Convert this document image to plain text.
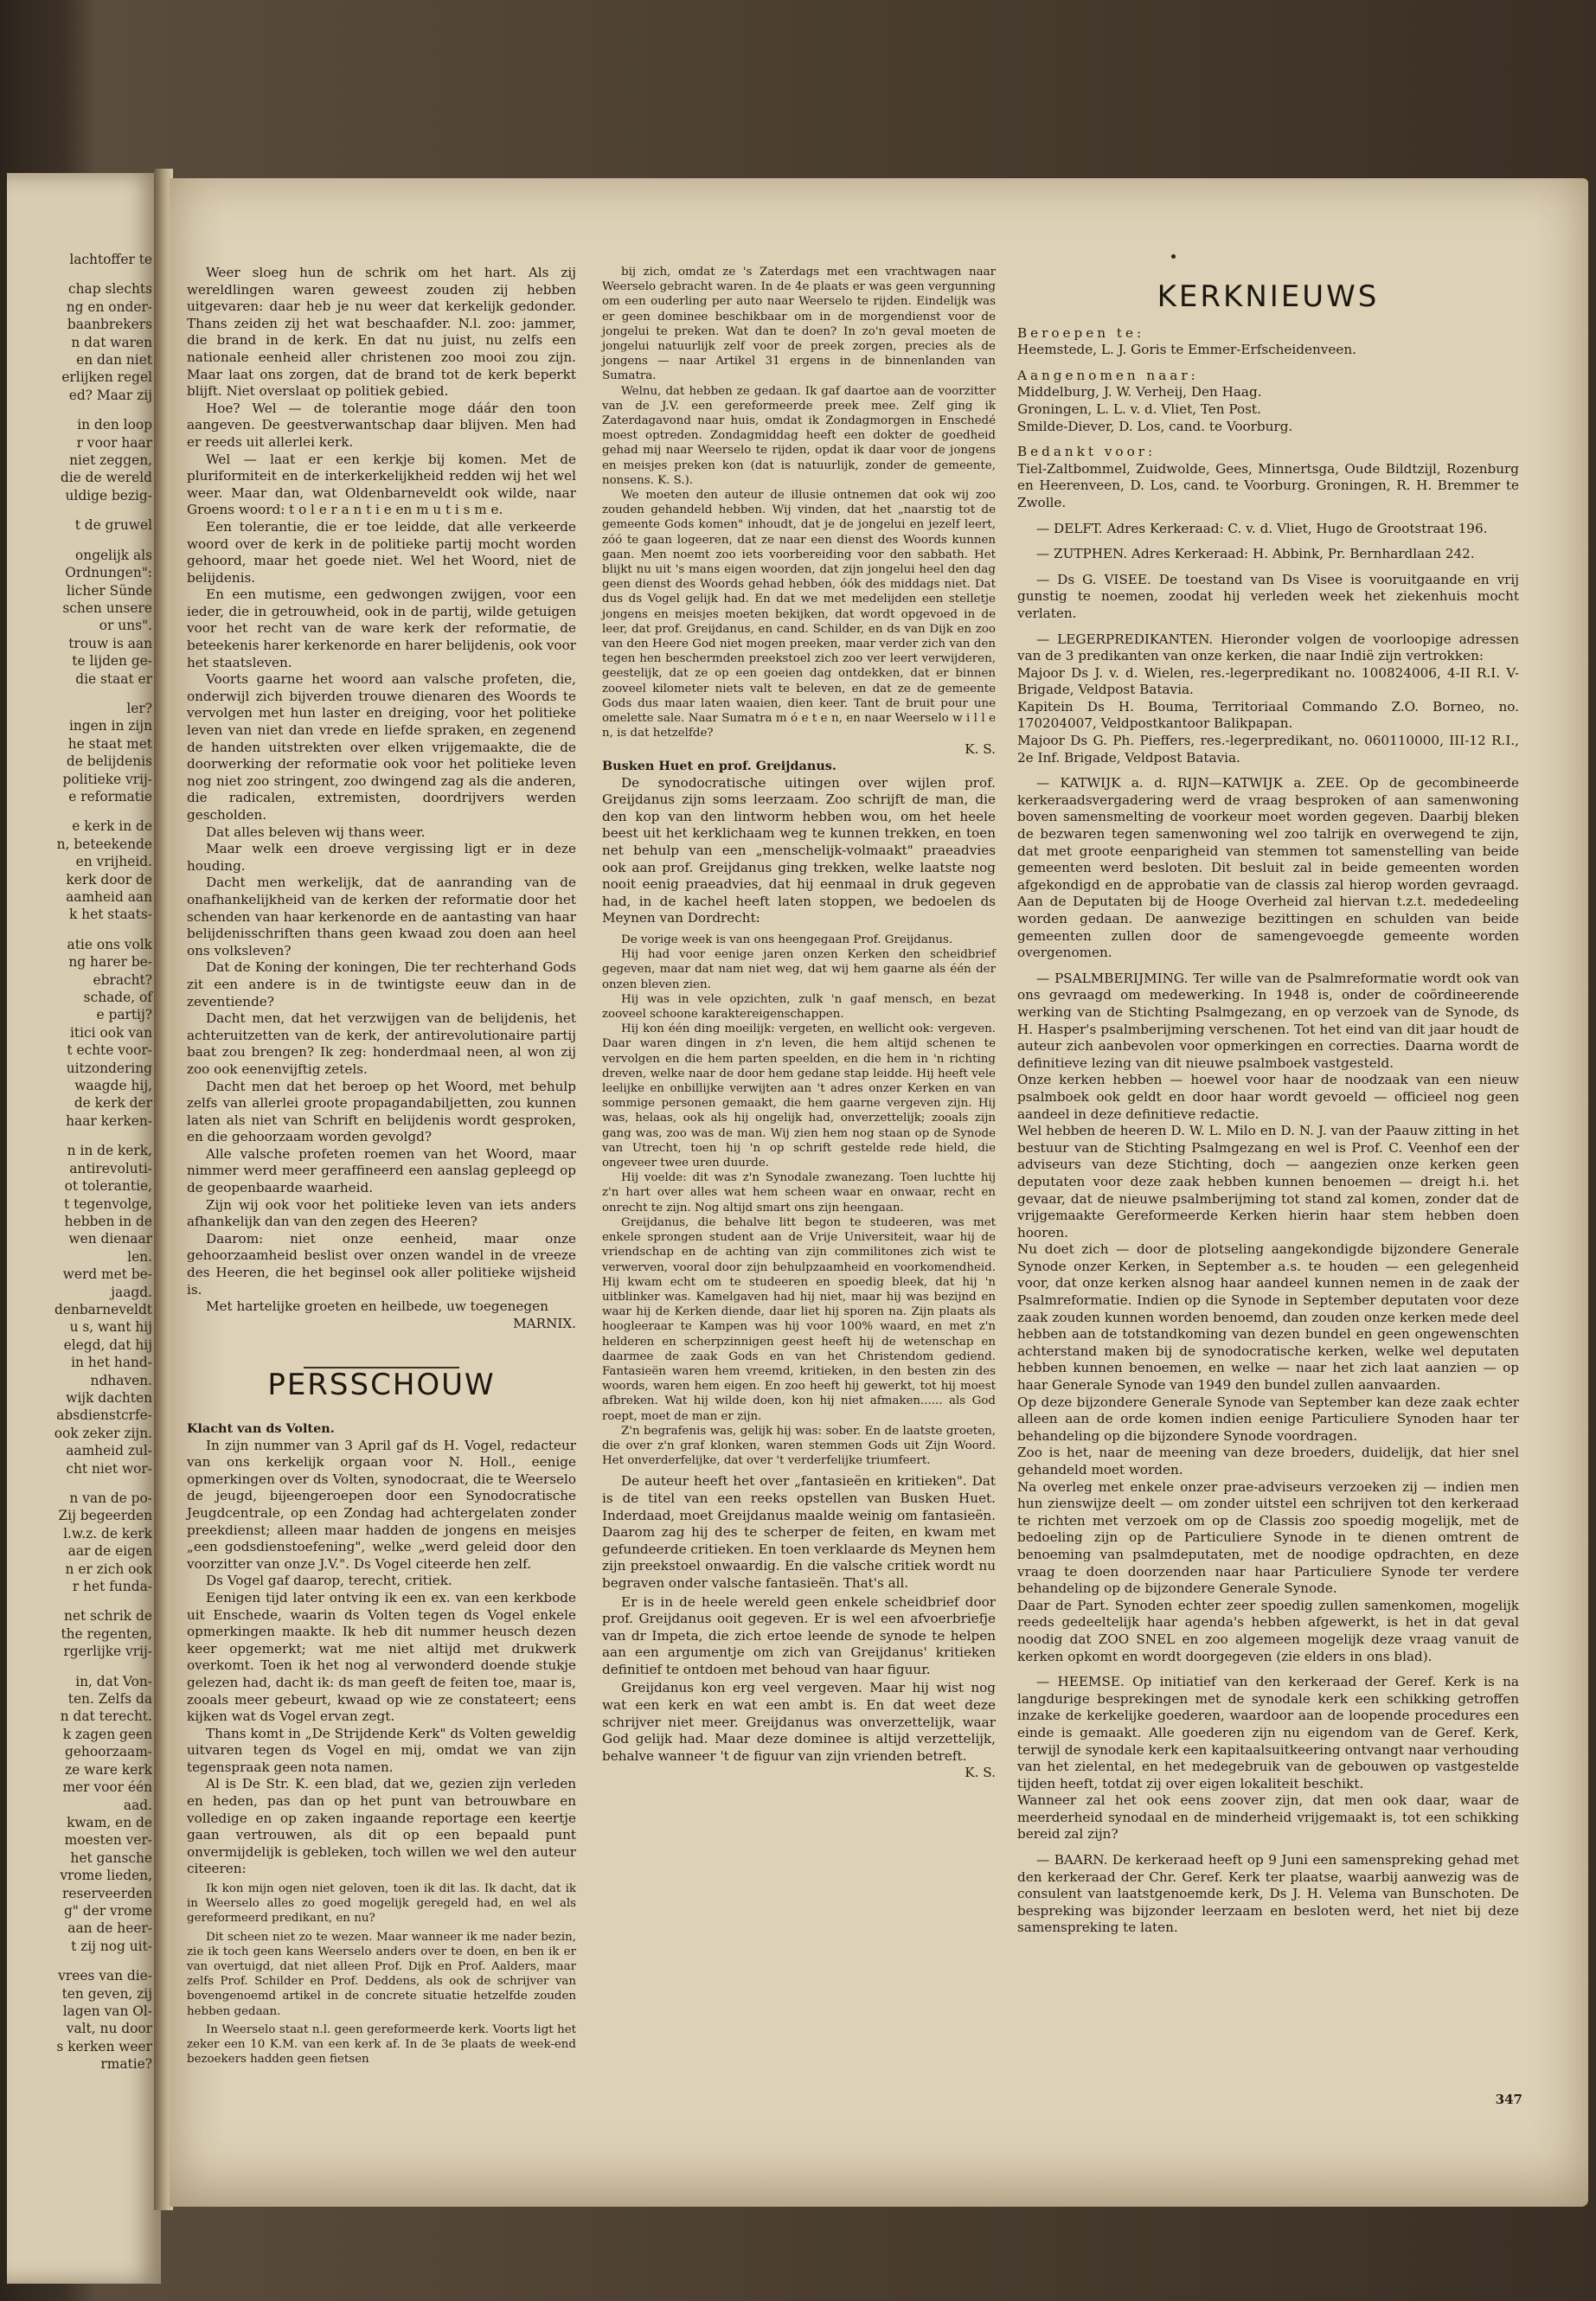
lachtoffer te
chap slechts
ng en onder-
baanbrekers
n dat waren
en dan niet
erlijken regel
ed? Maar zij
in den loop
r voor haar
niet zeggen,
die de wereld
uldige bezig-
t de gruwel
ongelijk als
Ordnungen":
licher Sünde
schen unsere
or uns".
trouw is aan
te lijden ge-
die staat er
ler?
ingen in zijn
he staat met
de belijdenis
politieke vrij-
e reformatie
e kerk in de
n, beteekende
en vrijheid.
kerk door de
aamheid aan
k het staats-
atie ons volk
ng harer be-
ebracht?
schade, of
e partij?
itici ook van
t echte voor-
uitzondering
waagde hij,
de kerk der
haar kerken-
n in de kerk,
antirevoluti-
ot tolerantie,
t tegenvolge,
hebben in de
wen dienaar
len.
werd met be-
jaagd.
denbarneveldt
u s, want hij
elegd, dat hij
in het hand-
ndhaven.
wijk dachten
absdienstcrfe-
ook zeker zijn.
aamheid zul-
cht niet wor-
n van de po-
Zij begeerden
l.w.z. de kerk
aar de eigen
n er zich ook
r het funda-
net schrik de
the regenten,
rgerlijke vrij-
in, dat Von-
ten. Zelfs da
n dat terecht.
k zagen geen
gehoorzaam-
ze ware kerk
mer voor één
aad.
kwam, en de
moesten ver-
het gansche
vrome lieden,
reserveerden
g" der vrome
aan de heer-
t zij nog uit-
vrees van die-
ten geven, zij
lagen van Ol-
valt, nu door
s kerken weer
rmatie?

Weer sloeg hun de schrik om het hart. Als zij wereldlingen waren geweest zouden zij hebben uitgevaren: daar heb je nu weer dat kerkelijk gedonder. Thans zeiden zij het wat beschaafder. N.l. zoo: jammer, die brand in de kerk. En dat nu juist, nu zelfs een nationale eenheid aller christenen zoo mooi zou zijn. Maar laat ons zorgen, dat de brand tot de kerk beperkt blijft. Niet overslaat op politiek gebied.

Hoe? Wel — de tolerantie moge dáár den toon aangeven. De geestverwantschap daar blijven. Men had er reeds uit allerlei kerk.

Wel — laat er een kerkje bij komen. Met de pluriformiteit en de interkerkelijkheid redden wij het wel weer. Maar dan, wat Oldenbarneveldt ook wilde, naar Groens woord: t o l e r a n t i e en m u t i s m e.

Een tolerantie, die er toe leidde, dat alle verkeerde woord over de kerk in de politieke partij mocht worden gehoord, maar het goede niet. Wel het Woord, niet de belijdenis.

En een mutisme, een gedwongen zwijgen, voor een ieder, die in getrouwheid, ook in de partij, wilde getuigen voor het recht van de ware kerk der reformatie, de beteekenis harer kerkenorde en harer belijdenis, ook voor het staatsleven.

Voorts gaarne het woord aan valsche profeten, die, onderwijl zich bijverden trouwe dienaren des Woords te vervolgen met hun laster en dreiging, voor het politieke leven van niet dan vrede en liefde spraken, en zegenend de handen uitstrekten over elken vrijgemaakte, die de doorwerking der reformatie ook voor het politieke leven nog niet zoo stringent, zoo dwingend zag als die anderen, die radicalen, extremisten, doordrijvers werden gescholden.

Dat alles beleven wij thans weer.

Maar welk een droeve vergissing ligt er in deze houding.

Dacht men werkelijk, dat de aanranding van de onafhankelijkheid van de kerken der reformatie door het schenden van haar kerkenorde en de aantasting van haar belijdenisschriften thans geen kwaad zou doen aan heel ons volksleven?

Dat de Koning der koningen, Die ter rechterhand Gods zit een andere is in de twintigste eeuw dan in de zeventiende?

Dacht men, dat het verzwijgen van de belijdenis, het achteruitzetten van de kerk, der antirevolutionaire partij baat zou brengen? Ik zeg: honderdmaal neen, al won zij zoo ook eenenvijftig zetels.

Dacht men dat het beroep op het Woord, met behulp zelfs van allerlei groote propagandabiljetten, zou kunnen laten als niet van Schrift en belijdenis wordt gesproken, en die gehoorzaam worden gevolgd?

Alle valsche profeten roemen van het Woord, maar nimmer werd meer gerafﬁneerd een aanslag gepleegd op de geopenbaarde waarheid.

Zijn wij ook voor het politieke leven van iets anders afhankelijk dan van den zegen des Heeren?

Daarom: niet onze eenheid, maar onze gehoorzaamheid beslist over onzen wandel in de vreeze des Heeren, die het beginsel ook aller politieke wijsheid is.

Met hartelijke groeten en heilbede, uw toegenegen

MARNIX.

PERSSCHOUW

Klacht van ds Volten.

In zijn nummer van 3 April gaf ds H. Vogel, redacteur van ons kerkelijk orgaan voor N. Holl., eenige opmerkingen over ds Volten, synodocraat, die te Weerselo de jeugd, bijeengeroepen door een Synodocratische Jeugdcentrale, op een Zondag had achtergelaten zonder preekdienst; alleen maar hadden de jongens en meisjes „een godsdienstoefening", welke „werd geleid door den voorzitter van onze J.V.". Ds Vogel citeerde hen zelf.

Ds Vogel gaf daarop, terecht, critiek.

Eenigen tijd later ontving ik een ex. van een kerkbode uit Enschede, waarin ds Volten tegen ds Vogel enkele opmerkingen maakte. Ik heb dit nummer heusch dezen keer opgemerkt; wat me niet altijd met drukwerk overkomt. Toen ik het nog al verwonderd doende stukje gelezen had, dacht ik: ds man geeft de feiten toe, maar is, zooals meer gebeurt, kwaad op wie ze constateert; eens kijken wat ds Vogel ervan zegt.

Thans komt in „De Strijdende Kerk" ds Volten geweldig uitvaren tegen ds Vogel en mij, omdat we van zijn tegenspraak geen nota namen.

Al is De Str. K. een blad, dat we, gezien zijn verleden en heden, pas dan op het punt van betrouwbare en volledige en op zaken ingaande reportage een keertje gaan vertrouwen, als dit op een bepaald punt onvermijdelijk is gebleken, toch willen we wel den auteur citeeren:

Ik kon mijn ogen niet geloven, toen ik dit las. Ik dacht, dat ik in Weerselo alles zo goed mogelijk geregeld had, en wel als gereformeerd predikant, en nu?

Dit scheen niet zo te wezen. Maar wanneer ik me nader bezin, zie ik toch geen kans Weerselo anders over te doen, en ben ik er van overtuigd, dat niet alleen Prof. Dijk en Prof. Aalders, maar zelfs Prof. Schilder en Prof. Deddens, als ook de schrijver van bovengenoemd artikel in de concrete situatie hetzelfde zouden hebben gedaan.

In Weerselo staat n.l. geen gereformeerde kerk. Voorts ligt het zeker een 10 K.M. van een kerk af. In de 3e plaats de week-end bezoekers hadden geen fietsen

bij zich, omdat ze 's Zaterdags met een vrachtwagen naar Weerselo gebracht waren. In de 4e plaats er was geen vergunning om een ouderling per auto naar Weerselo te rijden. Eindelijk was er geen dominee beschikbaar om in de morgendienst voor de jongelui te preken. Wat dan te doen? In zo'n geval moeten de jongelui natuurlijk zelf voor de preek zorgen, precies als de jongens — naar Artikel 31 ergens in de binnenlanden van Sumatra.

Welnu, dat hebben ze gedaan. Ik gaf daartoe aan de voorzitter van de J.V. een gereformeerde preek mee. Zelf ging ik Zaterdagavond naar huis, omdat ik Zondagmorgen in Enschedé moest optreden. Zondagmiddag heeft een dokter de goedheid gehad mij naar Weerselo te rijden, opdat ik daar voor de jongens en meisjes preken kon (dat is natuurlijk, zonder de gemeente, nonsens. K. S.).

We moeten den auteur de illusie ontnemen dat ook wij zoo zouden gehandeld hebben. Wij vinden, dat het „naarstig tot de gemeente Gods komen" inhoudt, dat je de jongelui en jezelf leert, zóó te gaan logeeren, dat ze naar een dienst des Woords kunnen gaan. Men noemt zoo iets voorbereiding voor den sabbath. Het blijkt nu uit 's mans eigen woorden, dat zijn jongelui heel den dag geen dienst des Woords gehad hebben, óók des middags niet. Dat dus ds Vogel gelijk had. En dat we met medelijden een stelletje jongens en meisjes moeten bekijken, dat wordt opgevoed in de leer, dat prof. Greijdanus, en cand. Schilder, en ds van Dijk en zoo van den Heere God niet mogen preeken, maar verder zich van den tegen hen beschermden preekstoel zich zoo ver leert verwijderen, geestelijk, dat ze op een goeien dag ontdekken, dat er binnen zooveel kilometer niets valt te beleven, en dat ze de gemeente Gods dus maar laten waaien, dien keer. Tant de bruit pour une omelette sale. Naar Sumatra m ó e t e n, en naar Weerselo w i l l e n, is dat hetzelfde?

K. S.

Busken Huet en prof. Greijdanus.

De synodocratische uitingen over wijlen prof. Greijdanus zijn soms leerzaam. Zoo schrijft de man, die den kop van den lintworm hebben wou, om het heele beest uit het kerklichaam weg te kunnen trekken, en toen net behulp van een „menschelijk-volmaakt" praeadvies ook aan prof. Greijdanus ging trekken, welke laatste nog nooit eenig praeadvies, dat hij eenmaal in druk gegeven had, in de kachel heeft laten stoppen, we bedoelen ds Meynen van Dordrecht:

De vorige week is van ons heengegaan Prof. Greijdanus.

Hij had voor eenige jaren onzen Kerken den scheidbrief gegeven, maar dat nam niet weg, dat wij hem gaarne als één der onzen bleven zien.

Hij was in vele opzichten, zulk 'n gaaf mensch, en bezat zooveel schoone karaktereigenschappen.

Hij kon één ding moeilijk: vergeten, en wellicht ook: vergeven. Daar waren dingen in z'n leven, die hem altijd schenen te vervolgen en die hem parten speelden, en die hem in 'n richting dreven, welke naar de door hem gedane stap leidde. Hij heeft vele leelijke en onbillijke verwijten aan 't adres onzer Kerken en van sommige personen gemaakt, die hem gaarne vergeven zijn. Hij was, helaas, ook als hij ongelijk had, onverzettelijk; zooals zijn gang was, zoo was de man. Wij zien hem nog staan op de Synode van Utrecht, toen hij 'n op schrift gestelde rede hield, die ongeveer twee uren duurde.

Hij voelde: dit was z'n Synodale zwanezang. Toen luchtte hij z'n hart over alles wat hem scheen waar en onwaar, recht en onrecht te zijn. Nog altijd smart ons zijn heengaan.

Greijdanus, die behalve litt begon te studeeren, was met enkele sprongen student aan de Vrije Universiteit, waar hij de vriendschap en de achting van zijn commilitones zich wist te verwerven, vooral door zijn behulpzaamheid en voorkomendheid. Hij kwam echt om te studeeren en spoedig bleek, dat hij 'n uitblinker was. Kamelgaven had hij niet, maar hij was bezijnd en waar hij de Kerken diende, daar liet hij sporen na. Zijn plaats als hoogleeraar te Kampen was hij voor 100% waard, en met z'n helderen en scherpzinnigen geest heeft hij de wetenschap en daarmee de zaak Gods en van het Christendom gediend. Fantasieën waren hem vreemd, kritieken, in den besten zin des woords, waren hem eigen. En zoo heeft hij gewerkt, tot hij moest afbreken. Wat hij wilde doen, kon hij niet afmaken...... als God roept, moet de man er zijn.

Z'n begrafenis was, gelijk hij was: sober. En de laatste groeten, die over z'n graf klonken, waren stemmen Gods uit Zijn Woord. Het onverderfelijke, dat over 't verderfelijke triumfeert.

De auteur heeft het over „fantasieën en kritieken". Dat is de titel van een reeks opstellen van Busken Huet. Inderdaad, moet Greijdanus maalde weinig om fantasieën. Daarom zag hij des te scherper de feiten, en kwam met gefundeerde critieken. En toen verklaarde ds Meynen hem zijn preekstoel onwaardig. En die valsche critiek wordt nu begraven onder valsche fantasieën. That's all.

Er is in de heele wereld geen enkele scheidbrief door prof. Greijdanus ooit gegeven. Er is wel een afvoerbriefje van dr Impeta, die zich ertoe leende de synode te helpen aan een argumentje om zich van Greijdanus' kritieken definitief te ontdoen met behoud van haar figuur.

Greijdanus kon erg veel vergeven. Maar hij wist nog wat een kerk en wat een ambt is. En dat weet deze schrijver niet meer. Greijdanus was onverzettelijk, waar God gelijk had. Maar deze dominee is altijd verzettelijk, behalve wanneer 't de figuur van zijn vrienden betreft.

K. S.

KERKNIEUWS

Beroepen te:

Heemstede, L. J. Goris te Emmer-Erfscheidenveen.

Aangenomen naar:

Middelburg, J. W. Verheij, Den Haag.
Groningen, L. L. v. d. Vliet, Ten Post.
Smilde-Diever, D. Los, cand. te Voorburg.

Bedankt voor:

Tiel-Zaltbommel, Zuidwolde, Gees, Minnertsga, Oude Bildtzijl, Rozenburg en Heerenveen, D. Los, cand. te Voorburg. Groningen, R. H. Bremmer te Zwolle.

— DELFT. Adres Kerkeraad: C. v. d. Vliet, Hugo de Grootstraat 196.

— ZUTPHEN. Adres Kerkeraad: H. Abbink, Pr. Bernhardlaan 242.

— Ds G. VISEE. De toestand van Ds Visee is vooruitgaande en vrij gunstig te noemen, zoodat hij verleden week het ziekenhuis mocht verlaten.

— LEGERPREDIKANTEN. Hieronder volgen de voorloopige adressen van de 3 predikanten van onze kerken, die naar Indië zijn vertrokken:
Majoor Ds J. v. d. Wielen, res.-legerpredikant no. 100824006, 4-II R.I. V-Brigade, Veldpost Batavia.
Kapitein Ds H. Bouma, Territoriaal Commando Z.O. Borneo, no. 170204007, Veldpostkantoor Balikpapan.
Majoor Ds G. Ph. Pieffers, res.-legerpredikant, no. 060110000, III-12 R.I., 2e Inf. Brigade, Veldpost Batavia.

— KATWIJK a. d. RIJN—KATWIJK a. ZEE. Op de gecombineerde kerkeraadsvergadering werd de vraag besproken of aan samenwoning boven samensmelting de voorkeur moet worden gegeven. Daarbij bleken de bezwaren tegen samenwoning wel zoo talrijk en overwegend te zijn, dat met groote eenparigheid van stemmen tot samenstelling van beide gemeenten werd besloten. Dit besluit zal in beide gemeenten worden afgekondigd en de approbatie van de classis zal hierop worden gevraagd. Aan de Deputaten bij de Hooge Overheid zal hiervan t.z.t. mededeeling worden gedaan. De aanwezige bezittingen en schulden van beide gemeenten zullen door de samengevoegde gemeente worden overgenomen.

— PSALMBERIJMING. Ter wille van de Psalmreformatie wordt ook van ons gevraagd om medewerking. In 1948 is, onder de coördineerende werking van de Stichting Psalmgezang, en op verzoek van de Synode, ds H. Hasper's psalmberijming verschenen. Tot het eind van dit jaar houdt de auteur zich aanbevolen voor opmerkingen en correcties. Daarna wordt de definitieve lezing van dit nieuwe psalmboek vastgesteld.
Onze kerken hebben — hoewel voor haar de noodzaak van een nieuw psalmboek ook geldt en door haar wordt gevoeld — officieel nog geen aandeel in deze definitieve redactie.
Wel hebben de heeren D. W. L. Milo en D. N. J. van der Paauw zitting in het bestuur van de Stichting Psalmgezang en wel is Prof. C. Veenhof een der adviseurs van deze Stichting, doch — aangezien onze kerken geen deputaten voor deze zaak hebben kunnen benoemen — dreigt h.i. het gevaar, dat de nieuwe psalmberijming tot stand zal komen, zonder dat de vrijgemaakte Gereformeerde Kerken hierin haar stem hebben doen hooren.
Nu doet zich — door de plotseling aangekondigde bijzondere Generale Synode onzer Kerken, in September a.s. te houden — een gelegenheid voor, dat onze kerken alsnog haar aandeel kunnen nemen in de zaak der Psalmreformatie. Indien op die Synode in September deputaten voor deze zaak zouden kunnen worden benoemd, dan zouden onze kerken mede deel hebben aan de totstandkoming van dezen bundel en geen ongewenschten achterstand maken bij de synodocratische kerken, welke wel deputaten hebben kunnen benoemen, en welke — naar het zich laat aanzien — op haar Generale Synode van 1949 den bundel zullen aanvaarden.
Op deze bijzondere Generale Synode van September kan deze zaak echter alleen aan de orde komen indien eenige Particuliere Synoden haar ter behandeling op die bijzondere Synode voordragen.
Zoo is het, naar de meening van deze broeders, duidelijk, dat hier snel gehandeld moet worden.
Na overleg met enkele onzer prae-adviseurs verzoeken zij — indien men hun zienswijze deelt — om zonder uitstel een schrijven tot den kerkeraad te richten met verzoek om op de Classis zoo spoedig mogelijk, met de bedoeling zijn op de Particuliere Synode in te dienen omtrent de benoeming van psalmdeputaten, met de noodige opdrachten, en deze vraag te doen doorzenden naar haar Particuliere Synode ter verdere behandeling op de bijzondere Generale Synode.
Daar de Part. Synoden echter zeer spoedig zullen samenkomen, mogelijk reeds gedeeltelijk haar agenda's hebben afgewerkt, is het in dat geval noodig dat ZOO SNEL en zoo algemeen mogelijk deze vraag vanuit de kerken opkomt en wordt doorgegeven (zie elders in ons blad).

— HEEMSE. Op initiatief van den kerkeraad der Geref. Kerk is na langdurige besprekingen met de synodale kerk een schikking getroffen inzake de kerkelijke goederen, waardoor aan de loopende procedures een einde is gemaakt. Alle goederen zijn nu eigendom van de Geref. Kerk, terwijl de synodale kerk een kapitaalsuitkeering ontvangt naar verhouding van het zielental, en het medegebruik van de gebouwen op vastgestelde tijden heeft, totdat zij over eigen lokaliteit beschikt.
Wanneer zal het ook eens zoover zijn, dat men ook daar, waar de meerderheid synodaal en de minderheid vrijgemaakt is, tot een schikking bereid zal zijn?

— BAARN. De kerkeraad heeft op 9 Juni een samenspreking gehad met den kerkeraad der Chr. Geref. Kerk ter plaatse, waarbij aanwezig was de consulent van laatstgenoemde kerk, Ds J. H. Velema van Bunschoten. De bespreking was bijzonder leerzaam en besloten werd, het niet bij deze samenspreking te laten.

347
